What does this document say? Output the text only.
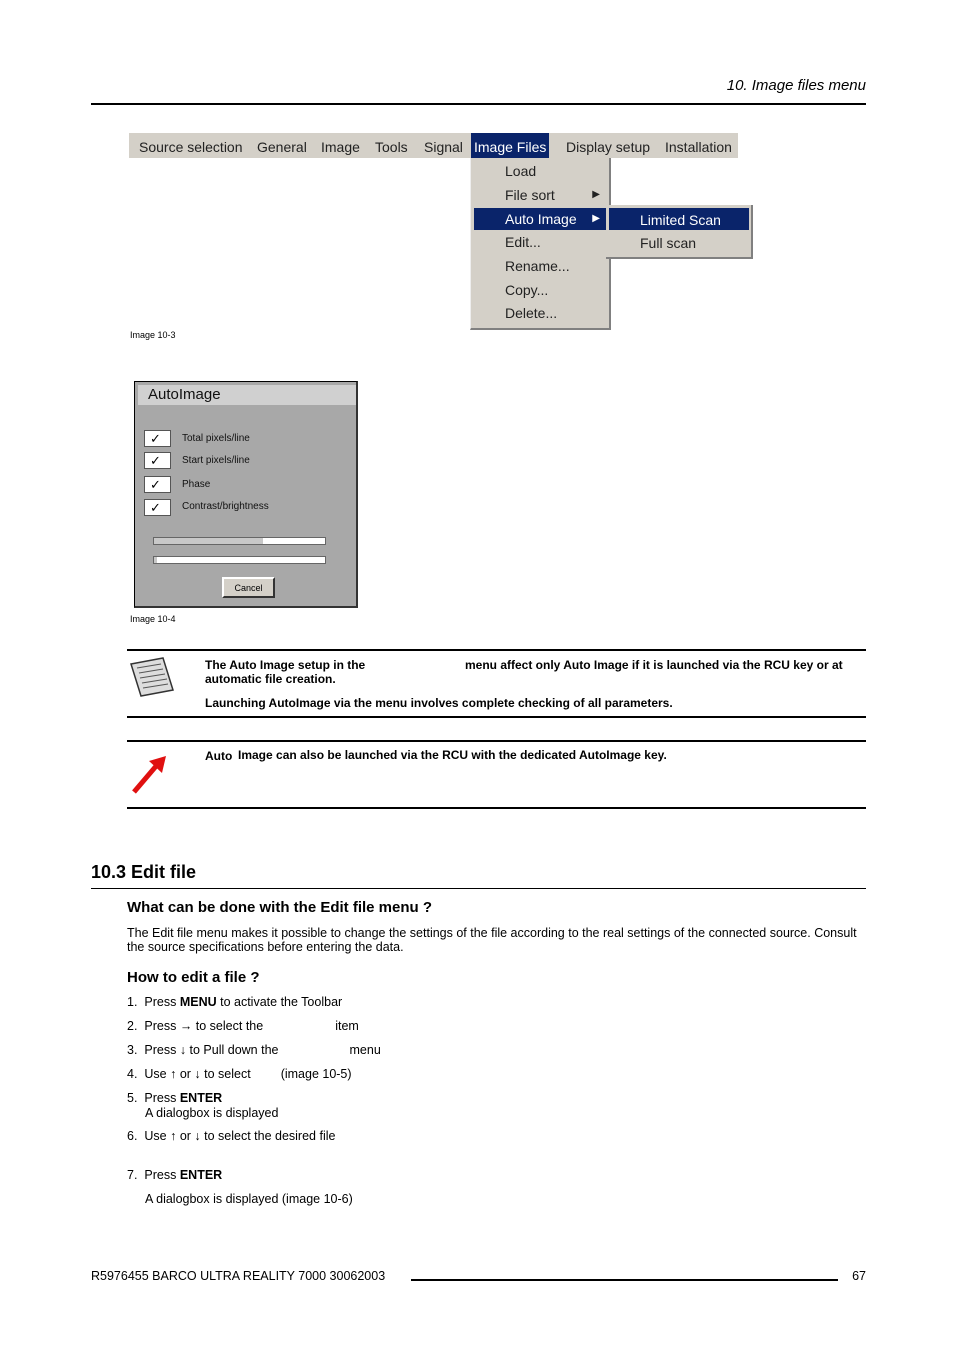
10. Image files menu
Source selection General Image Tools Signal Image Files Display setup Installation
Load
File sort	▶
Auto Image ▶
Edit...
Rename...
Copy...
Delete...
Limited Scan
Full scan
Image 10-3
AutoImage
✓	Total pixels/line
✓	Start pixels/line
✓	Phase
✓	Contrast/brightness
Cancel
Image 10-4
The Auto Image setup in the	menu affect only Auto Image if it is launched via the RCU key or at
automatic file creation.
Launching AutoImage via the menu involves complete checking of all parameters.
Auto Image can also be launched via the RCU with the dedicated AutoImage key.
10.3 Edit file
What can be done with the Edit file menu ?
The Edit file menu makes it possible to change the settings of the file according to the real settings of the connected source. Consult the source specifications before entering the data.
How to edit a file ?
1. Press MENU to activate the Toolbar
2. Press → to select the	item
3. Press ↓ to Pull down the	menu
4. Use ↑ or ↓ to select (image 10-5)
5. Press ENTER
A dialogbox is displayed
6. Use ↑ or ↓ to select the desired file
7. Press ENTER
A dialogbox is displayed (image 10-6)
R5976455 BARCO ULTRA REALITY 7000 30062003	67
